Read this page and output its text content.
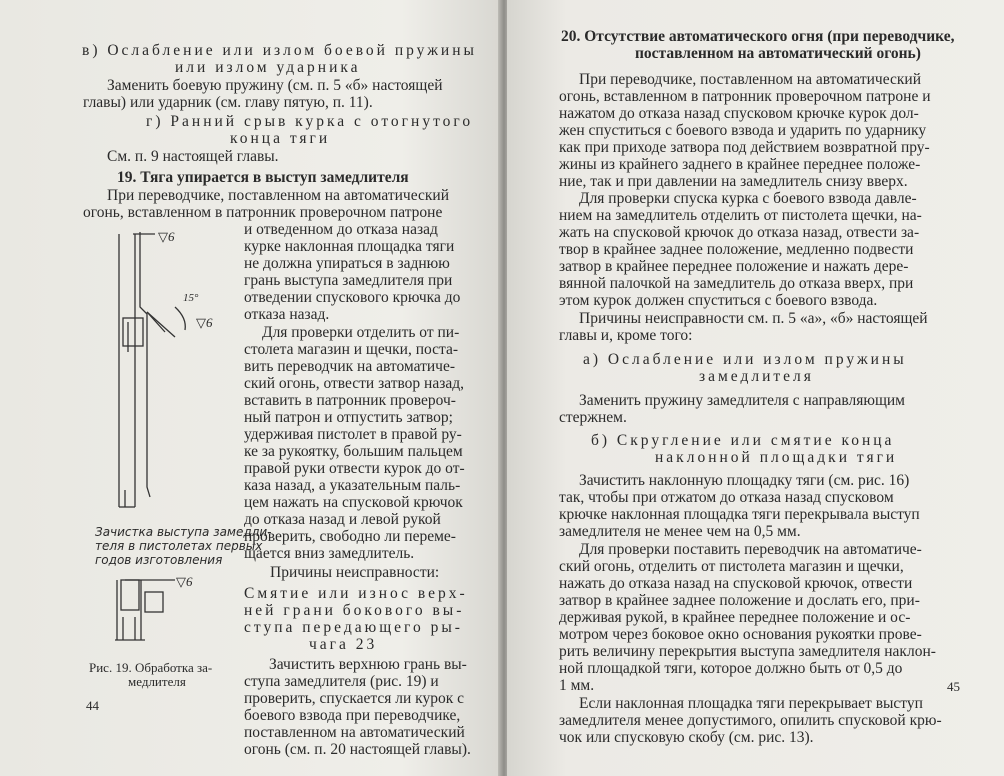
в) Ослабление или излом боевой пружины
или излом ударника
Заменить боевую пружину (см. п. 5 «б» настоящей
главы) или ударник (см. главу пятую, п. 11).
г) Ранний срыв курка с отогнутого
конца тяги
См. п. 9 настоящей главы.
19. Тяга упирается в выступ замедлителя
При переводчике, поставленном на автоматический
огонь, вставленном в патронник проверочном патроне
и отведенном до отказа назад
курке наклонная площадка тяги
не должна упираться в заднюю
грань выступа замедлителя при
отведении спускового крючка до
отказа назад.
Для проверки отделить от пи-
столета магазин и щечки, поста-
вить переводчик на автоматиче-
ский огонь, отвести затвор назад,
вставить в патронник провероч-
ный патрон и отпустить затвор;
удерживая пистолет в правой ру-
ке за рукоятку, большим пальцем
правой руки отвести курок до от-
каза назад, а указательным паль-
цем нажать на спусковой крючок
до отказа назад и левой рукой
проверить, свободно ли переме-
щается вниз замедлитель.
Причины неисправности:
Смятие или износ верх-
ней грани бокового вы-
ступа передающего ры-
чага 23
Зачистить верхнюю грань вы-
ступа замедлителя (рис. 19) и
проверить, спускается ли курок с
боевого взвода при переводчике,
поставленном на автоматический
огонь (см. п. 20 настоящей главы).
▽6
15°
▽6
▽6
Зачистка выступа замедли-
теля в пистолетах первых
годов изготовления
Рис. 19. Обработка за-
медлителя
44
20. Отсутствие автоматического огня (при переводчике,
поставленном на автоматический огонь)
При переводчике, поставленном на автоматический
огонь, вставленном в патронник проверочном патроне и
нажатом до отказа назад спусковом крючке курок дол-
жен спуститься с боевого взвода и ударить по ударнику
как при приходе затвора под действием возвратной пру-
жины из крайнего заднего в крайнее переднее положе-
ние, так и при давлении на замедлитель снизу вверх.
Для проверки спуска курка с боевого взвода давле-
нием на замедлитель отделить от пистолета щечки, на-
жать на спусковой крючок до отказа назад, отвести за-
твор в крайнее заднее положение, медленно подвести
затвор в крайнее переднее положение и нажать дере-
вянной палочкой на замедлитель до отказа вверх, при
этом курок должен спуститься с боевого взвода.
Причины неисправности см. п. 5 «а», «б» настоящей
главы и, кроме того:
а) Ослабление или излом пружины
замедлителя
Заменить пружину замедлителя с направляющим
стержнем.
б) Скругление или смятие конца
наклонной площадки тяги
Зачистить наклонную площадку тяги (см. рис. 16)
так, чтобы при отжатом до отказа назад спусковом
крючке наклонная площадка тяги перекрывала выступ
замедлителя не менее чем на 0,5 мм.
Для проверки поставить переводчик на автоматиче-
ский огонь, отделить от пистолета магазин и щечки,
нажать до отказа назад на спусковой крючок, отвести
затвор в крайнее заднее положение и дослать его, при-
держивая рукой, в крайнее переднее положение и ос-
мотром через боковое окно основания рукоятки прове-
рить величину перекрытия выступа замедлителя наклон-
ной площадкой тяги, которое должно быть от 0,5 до
1 мм.
Если наклонная площадка тяги перекрывает выступ
замедлителя менее допустимого, опилить спусковой крю-
чок или спусковую скобу (см. рис. 13).
45
